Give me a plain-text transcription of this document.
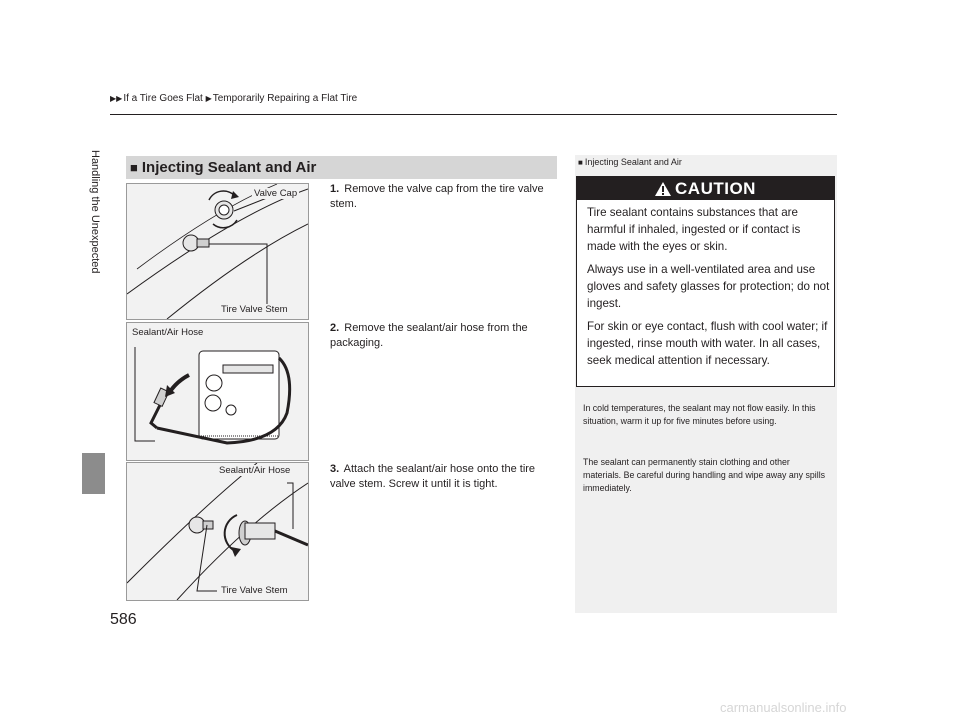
▶▶If a Tire Goes Flat ▶Temporarily Repairing a Flat Tire
Handling the Unexpected
586
■ Injecting Sealant and Air
Valve Cap
Tire Valve Stem
Sealant/Air Hose
Sealant/Air Hose
Tire Valve Stem
1. Remove the valve cap from the tire valve stem.
2. Remove the sealant/air hose from the packaging.
3. Attach the sealant/air hose onto the tire valve stem. Screw it until it is tight.
■ Injecting Sealant and Air
CAUTION

Tire sealant contains substances that are harmful if inhaled, ingested or if contact is made with the eyes or skin.

Always use in a well-ventilated area and use gloves and safety glasses for protection; do not ingest.

For skin or eye contact, flush with cool water; if ingested, rinse mouth with water. In all cases, seek medical attention if necessary.

In cold temperatures, the sealant may not flow easily. In this situation, warm it up for five minutes before using.

The sealant can permanently stain clothing and other materials. Be careful during handling and wipe away any spills immediately.

carmanualsonline.info
